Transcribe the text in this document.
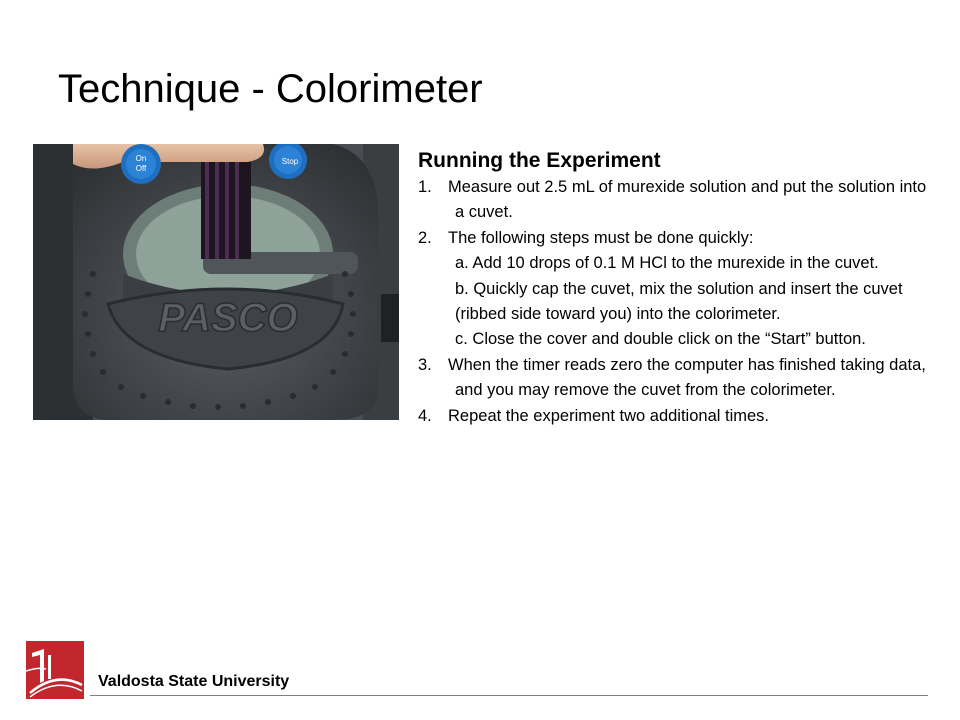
Technique - Colorimeter
On
Off
Stop
PASCO

Running the Experiment

1. Measure out 2.5 mL of murexide solution and put the solution into a cuvet.

2. The following steps must be done quickly:

a. Add 10 drops of 0.1 M HCl to the murexide in the cuvet.

b. Quickly cap the cuvet, mix the solution and insert the cuvet (ribbed side toward you) into the colorimeter.

c. Close the cover and double click on the “Start” button.

3. When the timer reads zero the computer has finished taking data, and you may remove the cuvet from the colorimeter.

4. Repeat the experiment two additional times.

Valdosta State University
